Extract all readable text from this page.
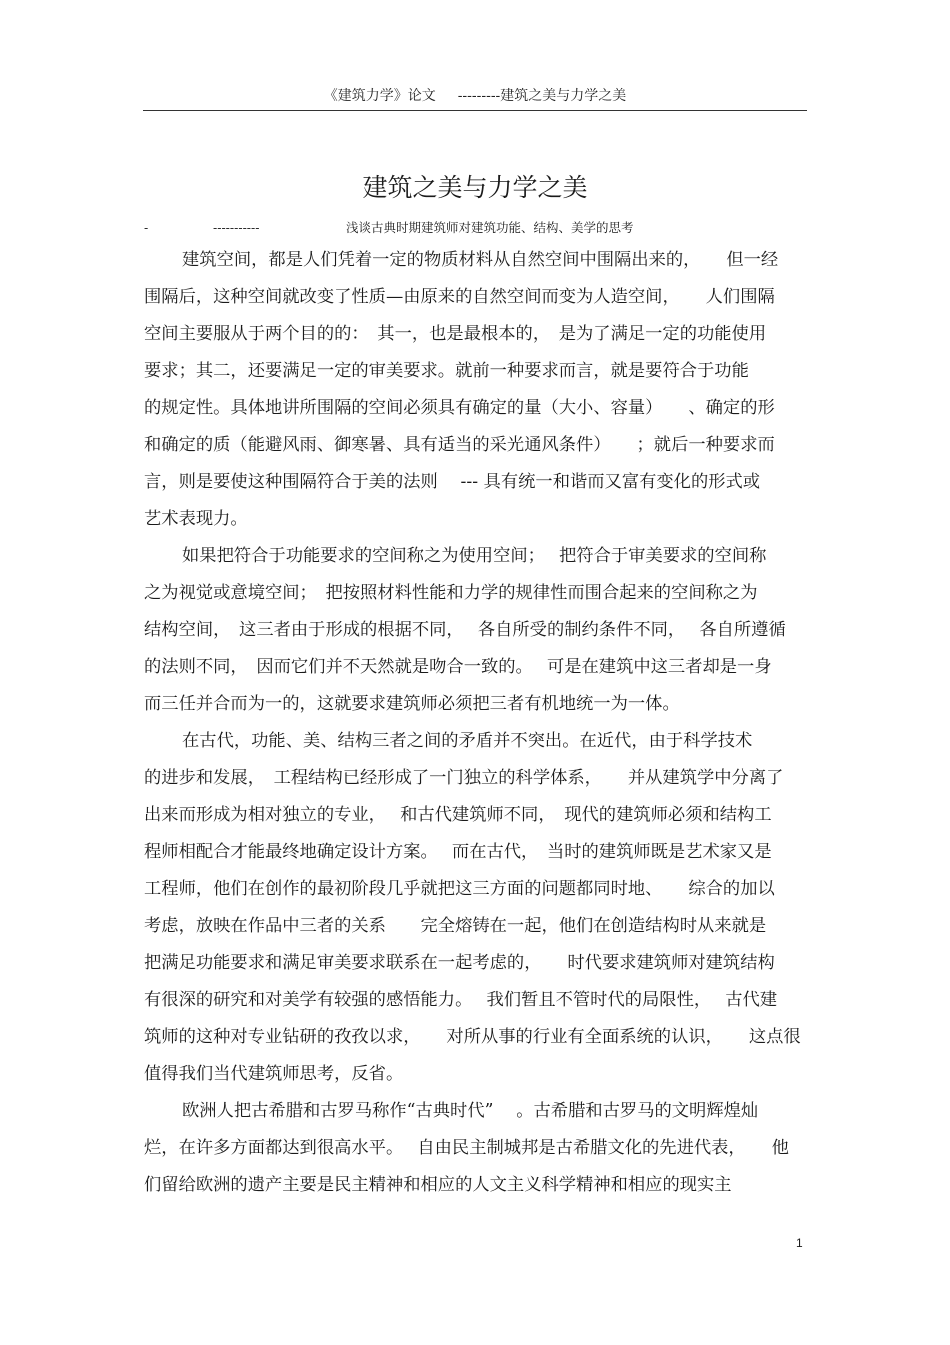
《建筑力学》论文 ---------建筑之美与力学之美
建筑之美与力学之美
-	-----------	浅谈古典时期建筑师对建筑功能、结构、美学的思考
建筑空间，都是人们凭着一定的物质材料从自然空间中围隔出来的，　　但一经
围隔后，这种空间就改变了性质—由原来的自然空间而变为人造空间，　　人们围隔
空间主要服从于两个目的的：　其一，也是最根本的，　是为了满足一定的功能使用
要求；其二，还要满足一定的审美要求。就前一种要求而言，就是要符合于功能
的规定性。具体地讲所围隔的空间必须具有确定的量（大小、容量）　　、确定的形
和确定的质（能避风雨、御寒暑、具有适当的采光通风条件）　　；就后一种要求而
言，则是要使这种围隔符合于美的法则　 --- 具有统一和谐而又富有变化的形式或
艺术表现力。
如果把符合于功能要求的空间称之为使用空间；　 把符合于审美要求的空间称
之为视觉或意境空间；　把按照材料性能和力学的规律性而围合起来的空间称之为
结构空间，　这三者由于形成的根据不同，　 各自所受的制约条件不同，　 各自所遵循
的法则不同，　因而它们并不天然就是吻合一致的。　 可是在建筑中这三者却是一身
而三任并合而为一的，这就要求建筑师必须把三者有机地统一为一体。
在古代，功能、美、结构三者之间的矛盾并不突出。在近代，由于科学技术
的进步和发展，　工程结构已经形成了一门独立的科学体系，　　并从建筑学中分离了
出来而形成为相对独立的专业，　 和古代建筑师不同，　现代的建筑师必须和结构工
程师相配合才能最终地确定设计方案。　 而在古代，　当时的建筑师既是艺术家又是
工程师，他们在创作的最初阶段几乎就把这三方面的问题都同时地、　　综合的加以
考虑，放映在作品中三者的关系　　完全熔铸在一起，他们在创造结构时从来就是
把满足功能要求和满足审美要求联系在一起考虑的，　　时代要求建筑师对建筑结构
有很深的研究和对美学有较强的感悟能力。　 我们暂且不管时代的局限性，　 古代建
筑师的这种对专业钻研的孜孜以求，　　对所从事的行业有全面系统的认识，　　这点很
值得我们当代建筑师思考，反省。
欧洲人把古希腊和古罗马称作“古典时代”　 。古希腊和古罗马的文明辉煌灿
烂，在许多方面都达到很高水平。　 自由民主制城邦是古希腊文化的先进代表，　　他
们留给欧洲的遗产主要是民主精神和相应的人文主义科学精神和相应的现实主
1
